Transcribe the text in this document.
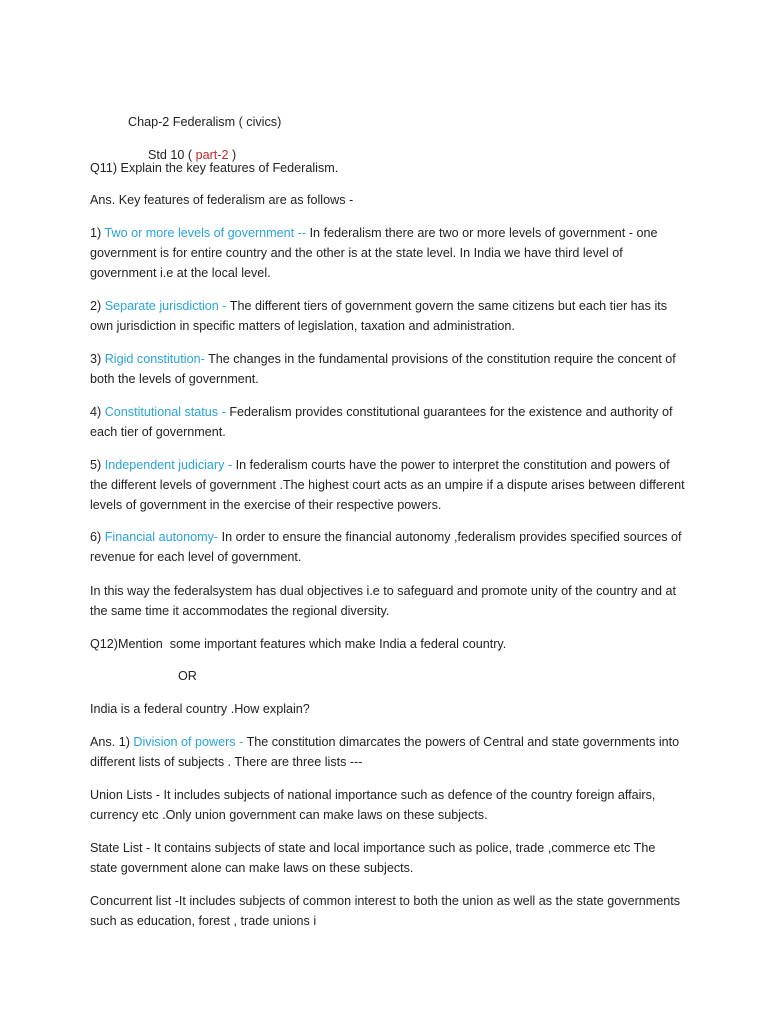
Chap-2 Federalism ( civics)

Std 10 ( part-2 )

Q11) Explain the key features of Federalism.
Ans. Key features of federalism are as follows -
1) Two or more levels of government -- In federalism there are two or more levels of government - one government is for entire country and the other is at the state level. In India we have third level of government i.e at the local level.
2) Separate jurisdiction - The different tiers of government govern the same citizens but each tier has its own jurisdiction in specific matters of legislation, taxation and administration.
3) Rigid constitution- The changes in the fundamental provisions of the constitution require the concent of both the levels of government.
4) Constitutional status - Federalism provides constitutional guarantees for the existence and authority of each tier of government.
5) Independent judiciary - In federalism courts have the power to interpret the constitution and powers of the different levels of government .The highest court acts as an umpire if a dispute arises between different levels of government in the exercise of their respective powers.
6) Financial autonomy- In order to ensure the financial autonomy ,federalism provides specified sources of revenue for each level of government.
In this way the federalsystem has dual objectives i.e to safeguard and promote unity of the country and at the same time it accommodates the regional diversity.
Q12)Mention  some important features which make India a federal country.
OR
India is a federal country .How explain?
Ans. 1) Division of powers - The constitution dimarcates the powers of Central and state governments into different lists of subjects . There are three lists ---
Union Lists - It includes subjects of national importance such as defence of the country foreign affairs, currency etc .Only union government can make laws on these subjects.
State List - It contains subjects of state and local importance such as police, trade ,commerce etc The state government alone can make laws on these subjects.
Concurrent list -It includes subjects of common interest to both the union as well as the state governments such as education, forest , trade unions i
